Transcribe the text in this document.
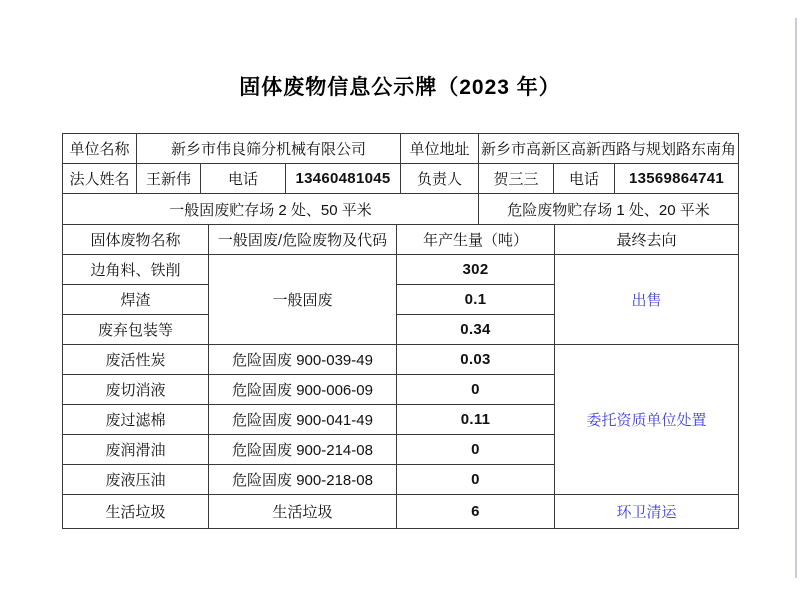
固体废物信息公示牌（2023 年）
单位名称	新乡市伟良筛分机械有限公司			单位地址	新乡市高新区高新西路与规划路东南角		
法人姓名	王新伟	电话	13460481045	负责人	贺三三	电话	13569864741
一般固废贮存场 2 处、50 平米	危险废物贮存场 1 处、20 平米
固体废物名称	一般固废/危险废物及代码	年产生量（吨）	最终去向
边角料、铁削	一般固废	302	出售
焊渣		0.1	
废弃包装等		0.34	
废活性炭	危险固废 900-039-49	0.03	委托资质单位处置
废切消液	危险固废 900-006-09	0	
废过滤棉	危险固废 900-041-49	0.11	
废润滑油	危险固废 900-214-08	0	
废液压油	危险固废 900-218-08	0	
生活垃圾	生活垃圾	6	环卫清运
